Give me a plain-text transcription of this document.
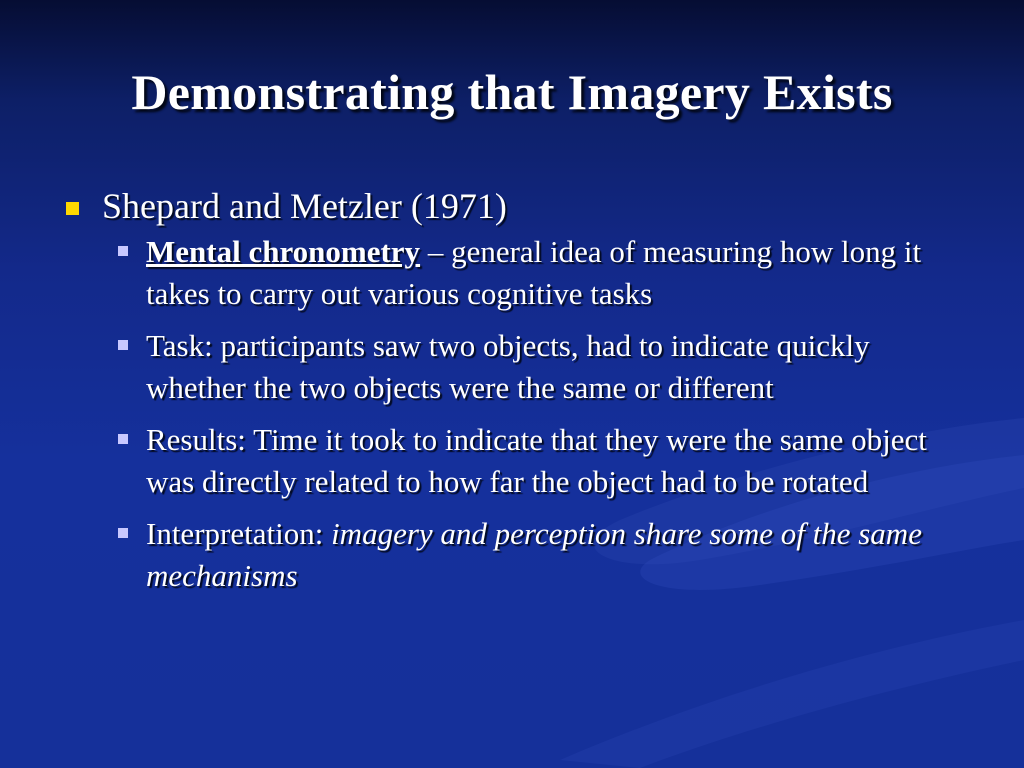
Demonstrating that Imagery Exists
Shepard and Metzler (1971)
Mental chronometry – general idea of measuring how long it takes to carry out various cognitive tasks
Task: participants saw two objects, had to indicate quickly whether the two objects were the same or different
Results: Time it took to indicate that they were the same object was directly related to how far the object had to be rotated
Interpretation: imagery and perception share some of the same mechanisms
